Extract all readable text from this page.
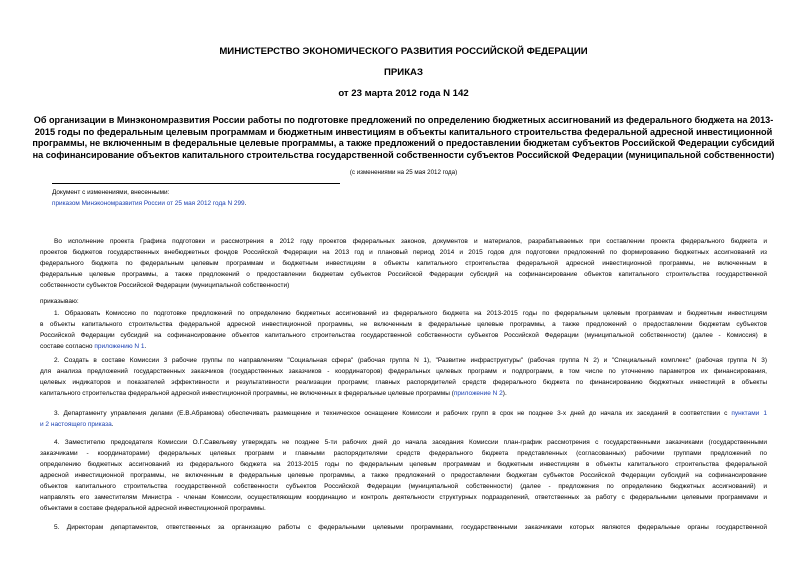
МИНИСТЕРСТВО ЭКОНОМИЧЕСКОГО РАЗВИТИЯ РОССИЙСКОЙ ФЕДЕРАЦИИ
ПРИКАЗ
от 23 марта 2012 года N 142
Об организации в Минэкономразвития России работы по подготовке предложений по определению бюджетных ассигнований из федерального бюджета на 2013-
2015 годы по федеральным целевым программам и бюджетным инвестициям в объекты капитального строительства федеральной адресной инвестиционной
программы, не включенным в федеральные целевые программы, а также предложений о предоставлении бюджетам субъектов Российской Федерации субсидий
на софинансирование объектов капитального строительства государственной собственности субъектов Российской Федерации (муниципальной собственности)
(с изменениями на 25 мая 2012 года)
Документ с изменениями, внесенными:
приказом Минэкономразвития России от 25 мая 2012 года N 299.
Во исполнение проекта Графика подготовки и рассмотрения в 2012 году проектов федеральных законов, документов и материалов, разрабатываемых при составлении проекта федерального бюджета и
проектов бюджетов государственных внебюджетных фондов Российской Федерации на 2013 год и плановый период 2014 и 2015 годов для подготовки предложений по формированию бюджетных ассигнований из
федерального бюджета по федеральным целевым программам и бюджетным инвестициям в объекты капитального строительства федеральной адресной инвестиционной программы, не включенным в
федеральные целевые программы, а также предложений о предоставлении бюджетам субъектов Российской Федерации субсидий на софинансирование объектов капитального строительства государственной
собственности субъектов Российской Федерации (муниципальной собственности)
приказываю:
1. Образовать Комиссию по подготовке предложений по определению бюджетных ассигнований из федерального бюджета на 2013-2015 годы по федеральным целевым программам и бюджетным инвестициям
в объекты капитального строительства федеральной адресной инвестиционной программы, не включенным в федеральные целевые программы, а также предложений о предоставлении бюджетам субъектов
Российской Федерации субсидий на софинансирование объектов капитального строительства государственной собственности субъектов Российской Федерации (муниципальной собственности) (далее - Комиссия) в
составе согласно приложению N 1.
2. Создать в составе Комиссии 3 рабочие группы по направлениям "Социальная сфера" (рабочая группа N 1), "Развитие инфраструктуры" (рабочая группа N 2) и "Специальный комплекс" (рабочая группа N 3)
для анализа предложений государственных заказчиков (государственных заказчиков - координаторов) федеральных целевых программ и подпрограмм, в том числе по уточнению параметров их финансирования,
целевых индикаторов и показателей эффективности и результативности реализации программ; главных распорядителей средств федерального бюджета по финансированию бюджетных инвестиций в объекты
капитального строительства федеральной адресной инвестиционной программы, не включенных в федеральные целевые программы (приложение N 2).
3. Департаменту управления делами (Е.В.Абрамова) обеспечивать размещение и техническое оснащение Комиссии и рабочих групп в срок не позднее 3-х дней до начала их заседаний в соответствии с пунктами 1
и 2 настоящего приказа.
4. Заместителю председателя Комиссии О.Г.Савельеву утверждать не позднее 5-ти рабочих дней до начала заседания Комиссии план-график рассмотрения с государственными заказчиками (государственными
заказчиками - координаторами) федеральных целевых программ и главными распорядителями средств федерального бюджета представленных (согласованных) рабочими группами предложений по
определению бюджетных ассигнований из федерального бюджета на 2013-2015 годы по федеральным целевым программам и бюджетным инвестициям в объекты капитального строительства федеральной
адресной инвестиционной программы, не включенным в федеральные целевые программы, а также предложений о предоставлении бюджетам субъектов Российской Федерации субсидий на софинансирование
объектов капитального строительства государственной собственности субъектов Российской Федерации (муниципальной собственности) (далее - предложения по определению бюджетных ассигнований) и
направлять его заместителям Министра - членам Комиссии, осуществляющим координацию и контроль деятельности структурных подразделений, ответственных за работу с федеральными целевыми программами и
объектами в составе федеральной адресной инвестиционной программы.
5. Директорам департаментов, ответственных за организацию работы с федеральными целевыми программами, государственными заказчиками которых являются федеральные органы государственной
